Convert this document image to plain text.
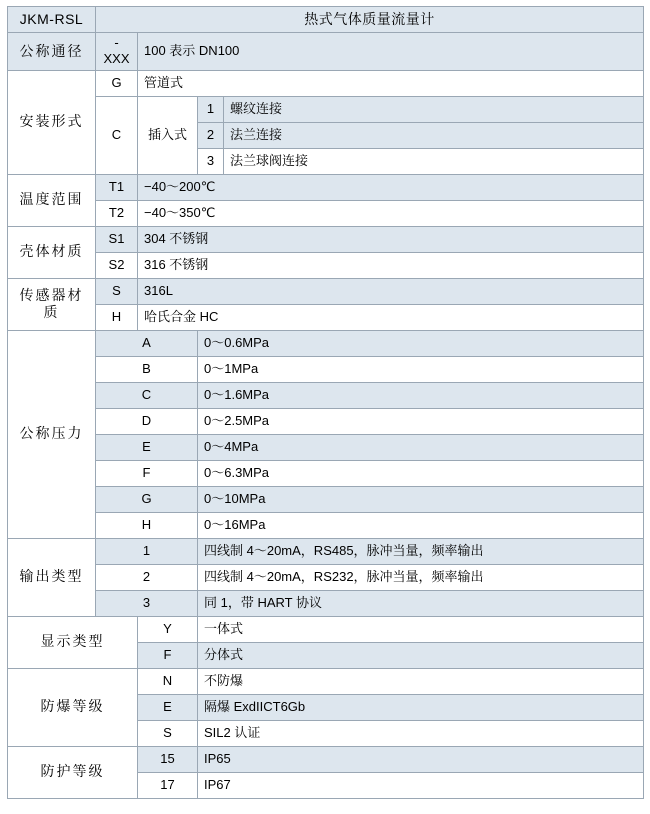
JKM-RSL	热式气体质量流量计			

公称通径	-XXX	100 表示 DN100		

安装形式	G	管道式		

	C	插入式	1	螺纹连接

			2	法兰连接

			3	法兰球阀连接

温度范围	T1	−40〜200℃		

	T2	−40〜350℃		

壳体材质	S1	304 不锈钢		

	S2	316 不锈钢		

传感器材质	S	316L		

	H	哈氏合金 HC		

公称压力	A		0〜0.6MPa	

	B		0〜1MPa	

	C		0〜1.6MPa	

	D		0〜2.5MPa	

	E		0〜4MPa	

	F		0〜6.3MPa	

	G		0〜10MPa	

	H		0〜16MPa	

输出类型	1		四线制 4〜20mA，RS485，脉冲当量，频率输出	

	2		四线制 4〜20mA，RS232，脉冲当量，频率输出	

	3		同 1，带 HART 协议	

显示类型		Y	一体式	

		F	分体式	

防爆等级		N	不防爆	

		E	隔爆 ExdIICT6Gb	

		S	SIL2 认证	

防护等级		15	IP65	

		17	IP67	
